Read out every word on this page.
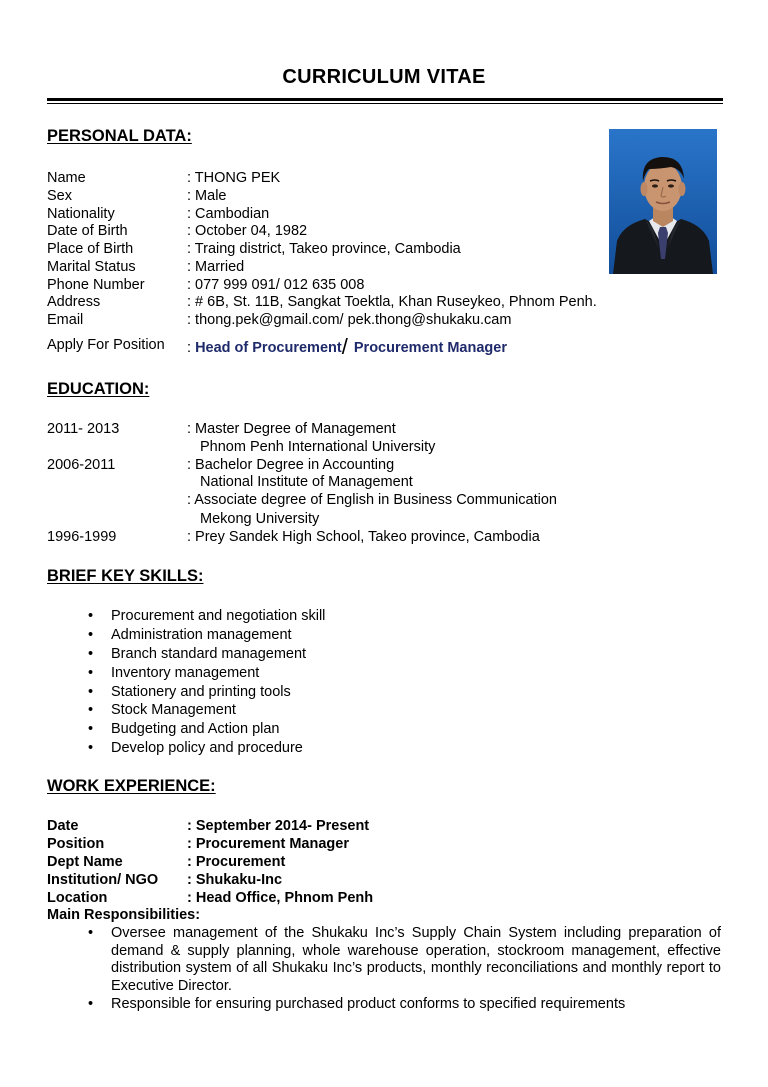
CURRICULUM VITAE
PERSONAL DATA:
Name	: THONG PEK
Sex	: Male
Nationality	: Cambodian
Date of Birth	: October 04, 1982
Place of Birth	: Traing district, Takeo province, Cambodia
Marital Status	: Married
Phone Number	: 077 999 091/ 012 635 008
Address	: # 6B, St. 11B, Sangkat Toektla, Khan Ruseykeo, Phnom Penh.
Email	: thong.pek@gmail.com/ pek.thong@shukaku.cam
Apply For Position : Head of Procurement/ Procurement Manager
EDUCATION:
2011- 2013	: Master Degree of Management
Phnom Penh International University
2006-2011	: Bachelor Degree in Accounting
National Institute of Management
: Associate degree of English in Business Communication
Mekong University
1996-1999	: Prey Sandek High School, Takeo province, Cambodia
BRIEF KEY SKILLS:
• Procurement and negotiation skill
• Administration management
• Branch standard management
• Inventory management
• Stationery and printing tools
• Stock Management
• Budgeting and Action plan
• Develop policy and procedure
WORK EXPERIENCE:
Date	: September 2014- Present
Position	: Procurement Manager
Dept Name	: Procurement
Institution/ NGO : Shukaku-Inc
Location	: Head Office, Phnom Penh
Main Responsibilities:
• Oversee management of the Shukaku Inc’s Supply Chain System including preparation of demand & supply planning, whole warehouse operation, stockroom management, effective distribution system of all Shukaku Inc’s products, monthly reconciliations and monthly report to Executive Director.
• Responsible for ensuring purchased product conforms to specified requirements
